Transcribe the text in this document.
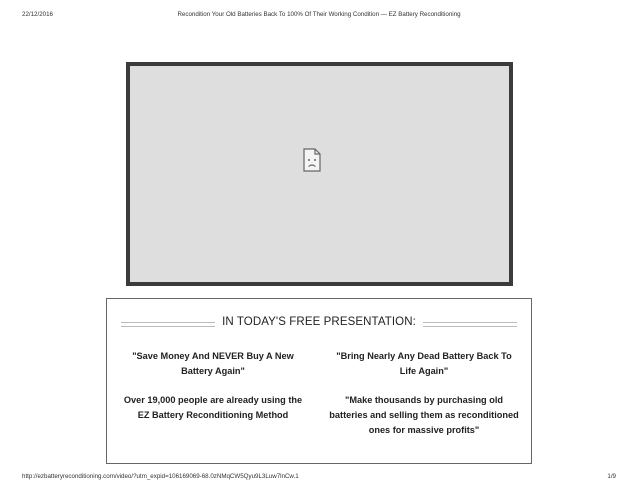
22/12/2016	Recondition Your Old Batteries Back To 100% Of Their Working Condition — EZ Battery Reconditioning
IN TODAY'S FREE PRESENTATION:
"Save Money And NEVER Buy A New Battery Again"
"Bring Nearly Any Dead Battery Back To Life Again"
Over 19,000 people are already using the EZ Battery Reconditioning Method
"Make thousands by purchasing old batteries and selling them as reconditioned ones for massive profits"
http://ezbatteryreconditioning.com/video/?utm_expid=106169069-68.0zNMqCW5Qyu9L3Luw7lnCw.1	1/9
